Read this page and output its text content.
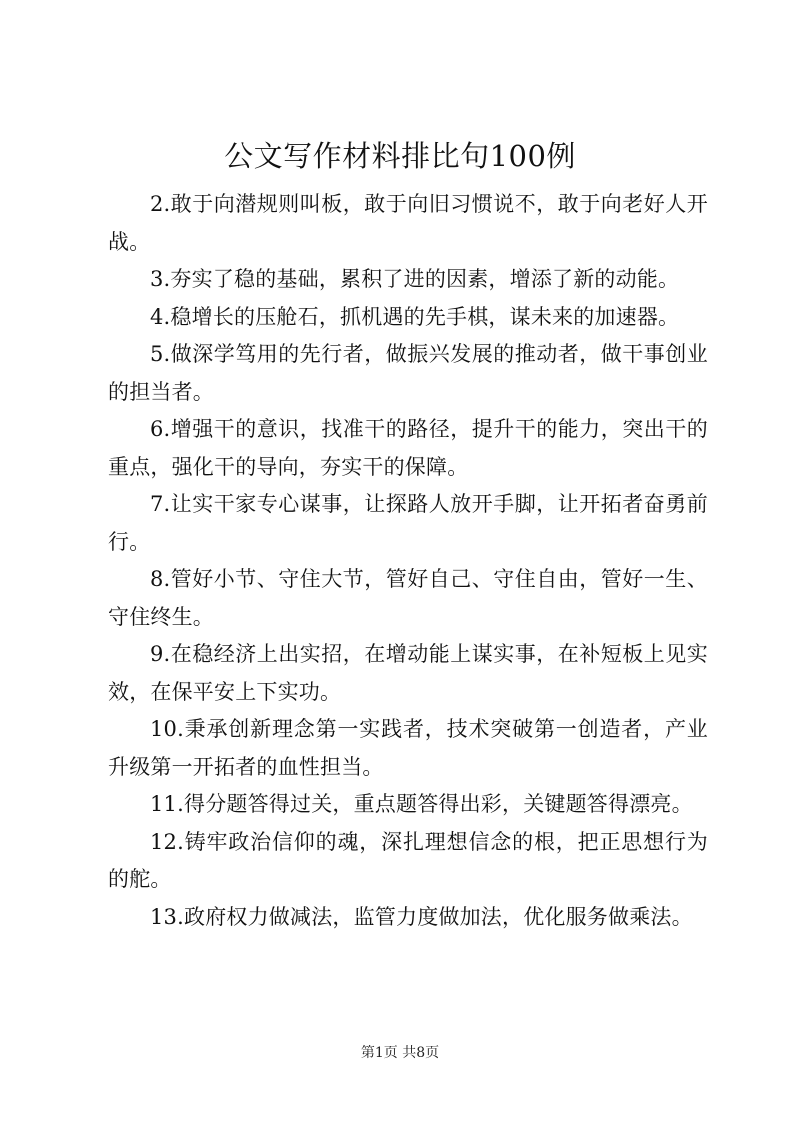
公文写作材料排比句100例

2.敢于向潜规则叫板，敢于向旧习惯说不，敢于向老好人开战。

3.夯实了稳的基础，累积了进的因素，增添了新的动能。

4.稳增长的压舱石，抓机遇的先手棋，谋未来的加速器。

5.做深学笃用的先行者，做振兴发展的推动者，做干事创业的担当者。

6.增强干的意识，找准干的路径，提升干的能力，突出干的重点，强化干的导向，夯实干的保障。

7.让实干家专心谋事，让探路人放开手脚，让开拓者奋勇前行。

8.管好小节、守住大节，管好自己、守住自由，管好一生、守住终生。

9.在稳经济上出实招，在增动能上谋实事，在补短板上见实效，在保平安上下实功。

10.秉承创新理念第一实践者，技术突破第一创造者，产业升级第一开拓者的血性担当。

11.得分题答得过关，重点题答得出彩，关键题答得漂亮。

12.铸牢政治信仰的魂，深扎理想信念的根，把正思想行为的舵。

13.政府权力做减法，监管力度做加法，优化服务做乘法。

第1页 共8页
